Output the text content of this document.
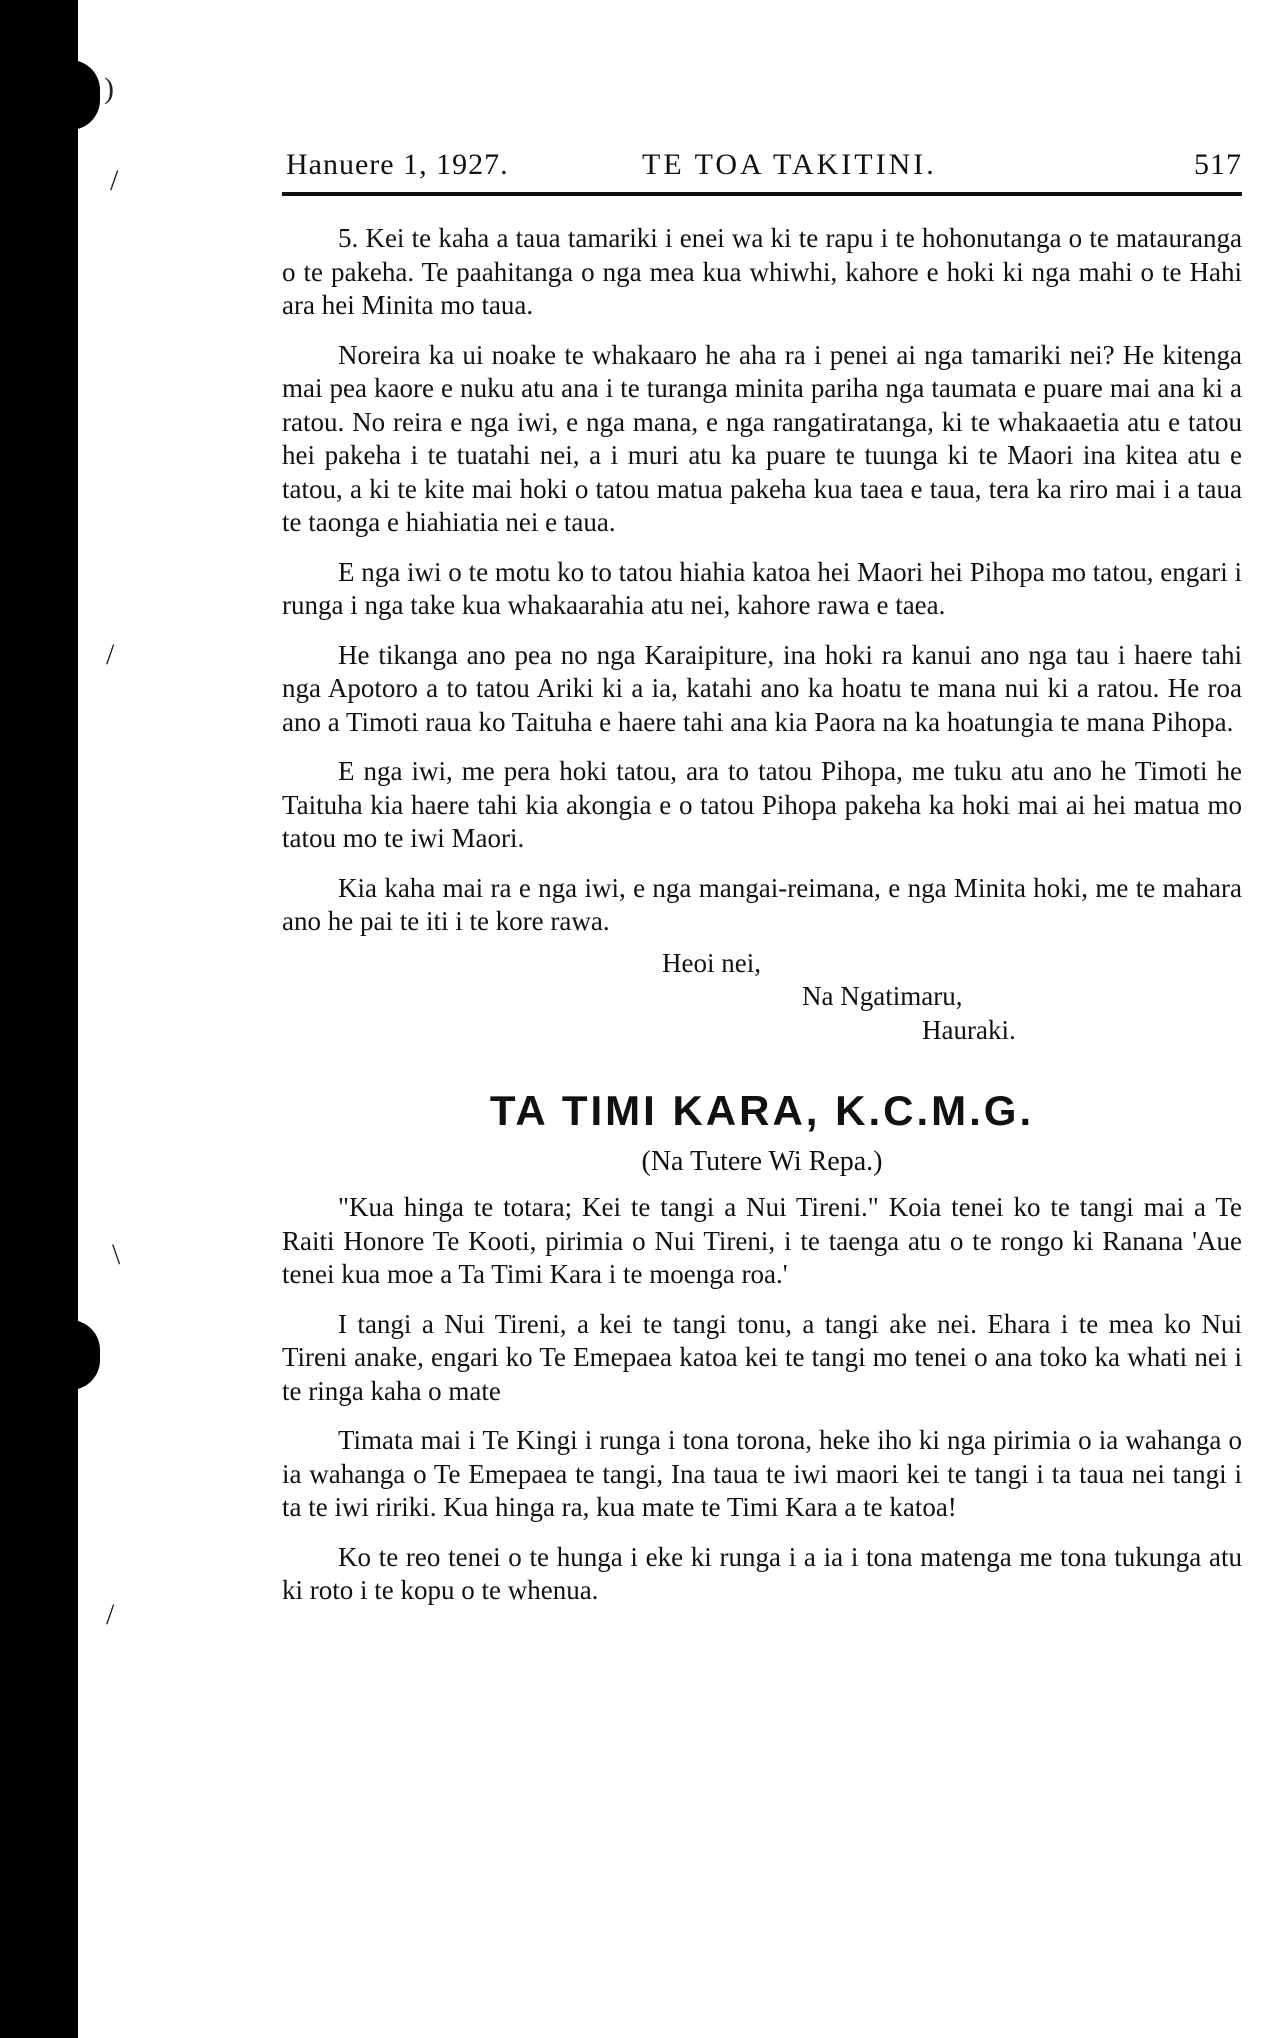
)
/
/
\
/
Hanuere 1, 1927.	TE TOA TAKITINI.	517

5. Kei te kaha a taua tamariki i enei wa ki te rapu i te hohonutanga o te matauranga o te pakeha. Te paahitanga o nga mea kua whiwhi, kahore e hoki ki nga mahi o te Hahi ara hei Minita mo taua.

Noreira ka ui noake te whakaaro he aha ra i penei ai nga tamariki nei? He kitenga mai pea kaore e nuku atu ana i te turanga minita pariha nga taumata e puare mai ana ki a ratou. No reira e nga iwi, e nga mana, e nga rangatiratanga, ki te whakaaetia atu e tatou hei pakeha i te tuatahi nei, a i muri atu ka puare te tuunga ki te Maori ina kitea atu e tatou, a ki te kite mai hoki o tatou matua pakeha kua taea e taua, tera ka riro mai i a taua te taonga e hiahiatia nei e taua.

E nga iwi o te motu ko to tatou hiahia katoa hei Maori hei Pihopa mo tatou, engari i runga i nga take kua whakaarahia atu nei, kahore rawa e taea.

He tikanga ano pea no nga Karaipiture, ina hoki ra kanui ano nga tau i haere tahi nga Apotoro a to tatou Ariki ki a ia, katahi ano ka hoatu te mana nui ki a ratou. He roa ano a Timoti raua ko Taituha e haere tahi ana kia Paora na ka hoatungia te mana Pihopa.

E nga iwi, me pera hoki tatou, ara to tatou Pihopa, me tuku atu ano he Timoti he Taituha kia haere tahi kia akongia e o tatou Pihopa pakeha ka hoki mai ai hei matua mo tatou mo te iwi Maori.

Kia kaha mai ra e nga iwi, e nga mangai-reimana, e nga Minita hoki, me te mahara ano he pai te iti i te kore rawa.

Heoi nei,

Na Ngatimaru,

Hauraki.

TA TIMI KARA, K.C.M.G.

(Na Tutere Wi Repa.)

"Kua hinga te totara; Kei te tangi a Nui Tireni." Koia tenei ko te tangi mai a Te Raiti Honore Te Kooti, pirimia o Nui Tireni, i te taenga atu o te rongo ki Ranana 'Aue tenei kua moe a Ta Timi Kara i te moenga roa.'

I tangi a Nui Tireni, a kei te tangi tonu, a tangi ake nei. Ehara i te mea ko Nui Tireni anake, engari ko Te Emepaea katoa kei te tangi mo tenei o ana toko ka whati nei i te ringa kaha o mate

Timata mai i Te Kingi i runga i tona torona, heke iho ki nga pirimia o ia wahanga o ia wahanga o Te Emepaea te tangi, Ina taua te iwi maori kei te tangi i ta taua nei tangi i ta te iwi ririki. Kua hinga ra, kua mate te Timi Kara a te katoa!

Ko te reo tenei o te hunga i eke ki runga i a ia i tona matenga me tona tukunga atu ki roto i te kopu o te whenua.
